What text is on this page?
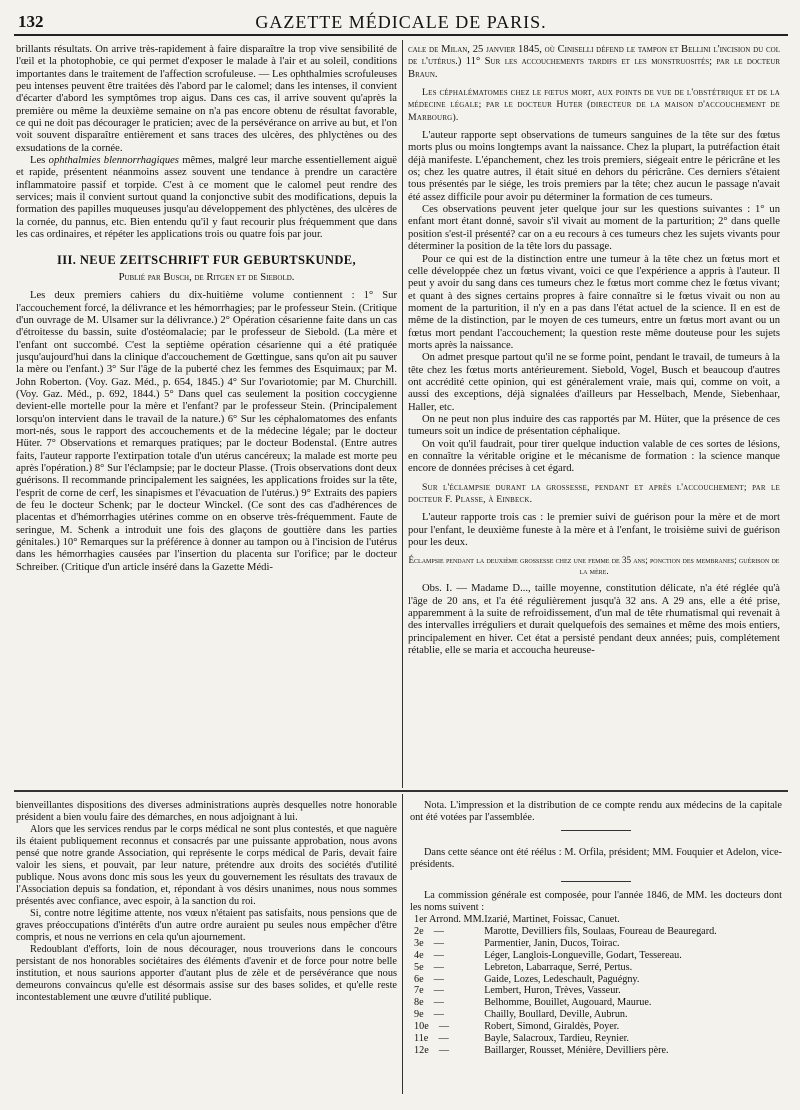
132	GAZETTE MÉDICALE DE PARIS.

brillants résultats. On arrive très-rapidement à faire disparaître la trop vive sensibilité de l'œil et la photophobie, ce qui permet d'exposer le malade à l'air et au soleil, conditions importantes dans le traitement de l'affection scrofuleuse. — Les ophthalmies scrofuleuses peu intenses peuvent être traitées dès l'abord par le calomel; dans les intenses, il convient d'écarter d'abord les symptômes trop aigus. Dans ces cas, il arrive souvent qu'après la première ou même la deuxième semaine on n'a pas encore obtenu de résultat favorable, ce qui ne doit pas décourager le praticien; avec de la persévérance on arrive au but, et l'on voit souvent disparaître entièrement et sans traces des ulcères, des phlyctènes ou des exsudations de la cornée.

Les ophthalmies blennorrhagiques mêmes, malgré leur marche essentiellement aiguë et rapide, présentent néanmoins assez souvent une tendance à prendre un caractère inflammatoire passif et torpide. C'est à ce moment que le calomel peut rendre des services; mais il convient surtout quand la conjonctive subit des modifications, depuis la formation des papilles muqueuses jusqu'au développement des phlyctènes, des ulcères de la cornée, du pannus, etc. Bien entendu qu'il y faut recourir plus fréquemment que dans les cas ordinaires, et répéter les applications trois ou quatre fois par jour.

III. NEUE ZEITSCHRIFT FUR GEBURTSKUNDE,
Publié par Busch, de Ritgen et de Siebold.

Les deux premiers cahiers du dix-huitième volume contiennent : 1° Sur l'accouchement forcé, la délivrance et les hémorrhagies; par le professeur Stein. (Critique d'un ouvrage de M. Ulsamer sur la délivrance.) 2° Opération césarienne faite dans un cas d'étroitesse du bassin, suite d'ostéomalacie; par le professeur de Siebold. (La mère et l'enfant ont succombé. C'est la septième opération césarienne qui a été pratiquée jusqu'aujourd'hui dans la clinique d'accouchement de Gœttingue, sans qu'on ait pu sauver la mère ou l'enfant.) 3° Sur l'âge de la puberté chez les femmes des Esquimaux; par M. John Roberton. (Voy. Gaz. Méd., p. 654, 1845.) 4° Sur l'ovariotomie; par M. Churchill. (Voy. Gaz. Méd., p. 692, 1844.) 5° Dans quel cas seulement la position coccygienne devient-elle mortelle pour la mère et l'enfant? par le professeur Stein. (Principalement lorsqu'on intervient dans le travail de la nature.) 6° Sur les céphalomatomes des enfants mort-nés, sous le rapport des accouchements et de la médecine légale; par le docteur Hüter. 7° Observations et remarques pratiques; par le docteur Bodenstal. (Entre autres faits, l'auteur rapporte l'extirpation totale d'un utérus cancéreux; la malade est morte peu après l'opération.) 8° Sur l'éclampsie; par le docteur Plasse. (Trois observations dont deux guérisons. Il recommande principalement les saignées, les applications froides sur la tête, l'esprit de corne de cerf, les sinapismes et l'évacuation de l'utérus.) 9° Extraits des papiers de feu le docteur Schenk; par le docteur Winckel. (Ce sont des cas d'adhérences de placentas et d'hémorrhagies utérines comme on en observe très-fréquemment. Faute de seringue, M. Schenk a introduit une fois des glaçons de gouttière dans les parties génitales.) 10° Remarques sur la préférence à donner au tampon ou à l'incision de l'utérus dans les hémorrhagies causées par l'insertion du placenta sur l'orifice; par le docteur Schreiber. (Critique d'un article inséré dans la Gazette Médi-

cale de Milan, 25 janvier 1845, où Ciniselli défend le tampon et Bellini l'incision du col de l'utérus.) 11° Sur les accouchements tardifs et les monstruosités; par le docteur Braun.

Les céphalématomes chez le fœtus mort, aux points de vue de l'obstétrique et de la médecine légale; par le docteur Huter (directeur de la maison d'accouchement de Marbourg).

L'auteur rapporte sept observations de tumeurs sanguines de la tête sur des fœtus morts plus ou moins longtemps avant la naissance. Chez la plupart, la putréfaction était déjà manifeste. L'épanchement, chez les trois premiers, siégeait entre le péricrâne et les os; chez les quatre autres, il était situé en dehors du péricrâne. Ces derniers s'étaient tous présentés par le siége, les trois premiers par la tête; chez aucun le passage n'avait été assez difficile pour avoir pu déterminer la formation de ces tumeurs.

Ces observations peuvent jeter quelque jour sur les questions suivantes : 1° un enfant mort étant donné, savoir s'il vivait au moment de la parturition; 2° dans quelle position s'est-il présenté? car on a eu recours à ces tumeurs chez les sujets vivants pour déterminer la position de la tête lors du passage.

Pour ce qui est de la distinction entre une tumeur à la tête chez un fœtus mort et celle développée chez un fœtus vivant, voici ce que l'expérience a appris à l'auteur. Il peut y avoir du sang dans ces tumeurs chez le fœtus mort comme chez le fœtus vivant; et quant à des signes certains propres à faire connaître si le fœtus vivait ou non au moment de la parturition, il n'y en a pas dans l'état actuel de la science. Il en est de même de la distinction, par le moyen de ces tumeurs, entre un fœtus mort avant ou un fœtus mort pendant l'accouchement; la question reste même douteuse pour les sujets morts après la naissance.

On admet presque partout qu'il ne se forme point, pendant le travail, de tumeurs à la tête chez les fœtus morts antérieurement. Siebold, Vogel, Busch et beaucoup d'autres ont accrédité cette opinion, qui est généralement vraie, mais qui, comme on voit, a aussi des exceptions, déjà signalées d'ailleurs par Hesselbach, Mende, Siebenhaar, Haller, etc.

On ne peut non plus induire des cas rapportés par M. Hüter, que la présence de ces tumeurs soit un indice de présentation céphalique.

On voit qu'il faudrait, pour tirer quelque induction valable de ces sortes de lésions, en connaître la véritable origine et le mécanisme de formation : la science manque encore de données précises à cet égard.

Sur l'éclampsie durant la grossesse, pendant et après l'accouchement; par le docteur F. Plasse, à Einbeck.

L'auteur rapporte trois cas : le premier suivi de guérison pour la mère et de mort pour l'enfant, le deuxième funeste à la mère et à l'enfant, le troisième suivi de guérison pour les deux.

Éclampsie pendant la deuxième grossesse chez une femme de 35 ans; ponction des membranes; guérison de la mère.

Obs. I. — Madame D..., taille moyenne, constitution délicate, n'a été réglée qu'à l'âge de 20 ans, et l'a été régulièrement jusqu'à 32 ans. A 29 ans, elle a été prise, apparemment à la suite de refroidissement, d'un mal de tête rhumatismal qui revenait à des intervalles irréguliers et durait quelquefois des semaines et même des mois entiers, principalement en hiver. Cet état a persisté pendant deux années; puis, complétement rétablie, elle se maria et accoucha heureuse-

bienveillantes dispositions des diverses administrations auprès desquelles notre honorable président a bien voulu faire des démarches, en nous adjoignant à lui.

Alors que les services rendus par le corps médical ne sont plus contestés, et que naguère ils étaient publiquement reconnus et consacrés par une puissante approbation, nous avons pensé que notre grande Association, qui représente le corps médical de Paris, devait faire valoir les siens, et pouvait, par leur nature, prétendre aux droits des sociétés d'utilité publique. Nous avons donc mis sous les yeux du gouvernement les résultats des travaux de l'Association depuis sa fondation, et, répondant à vos désirs unanimes, nous nous sommes présentés avec confiance, avec espoir, à la sanction du roi.

Si, contre notre légitime attente, nos vœux n'étaient pas satisfaits, nous pensions que de graves préoccupations d'intérêts d'un autre ordre auraient pu seules nous empêcher d'être compris, et nous ne verrions en cela qu'un ajournement.

Redoublant d'efforts, loin de nous décourager, nous trouverions dans le concours persistant de nos honorables sociétaires des éléments d'avenir et de force pour notre belle institution, et nous saurions apporter d'autant plus de zèle et de persévérance que nous demeurons convaincus qu'elle est désormais assise sur des bases solides, et qu'elle reste incontestablement une œuvre d'utilité publique.

Nota. L'impression et la distribution de ce compte rendu aux médecins de la capitale ont été votées par l'assemblée.

Dans cette séance ont été réélus : M. Orfila, président; MM. Fouquier et Adelon, vice-présidents.

La commission générale est composée, pour l'année 1846, de MM. les docteurs dont les noms suivent :

1er Arrond. MM.	Izarié, Martinet, Foissac, Canuet.
2e    —	Marotte, Devilliers fils, Soulaas, Foureau de Beauregard.
3e    —	Parmentier, Janin, Ducos, Toirac.
4e    —	Léger, Langlois-Longueville, Godart, Tessereau.
5e    —	Lebreton, Labarraque, Serré, Pertus.
6e    —	Gaide, Lozes, Ledeschault, Paguégny.
7e    —	Lembert, Huron, Trèves, Vasseur.
8e    —	Belhomme, Bouillet, Augouard, Maurue.
9e    —	Chailly, Boullard, Deville, Aubrun.
10e    —	Robert, Simond, Giraldès, Poyer.
11e    —	Bayle, Salacroux, Tardieu, Reynier.
12e    —	Baillarger, Rousset, Ménière, Devilliers père.
